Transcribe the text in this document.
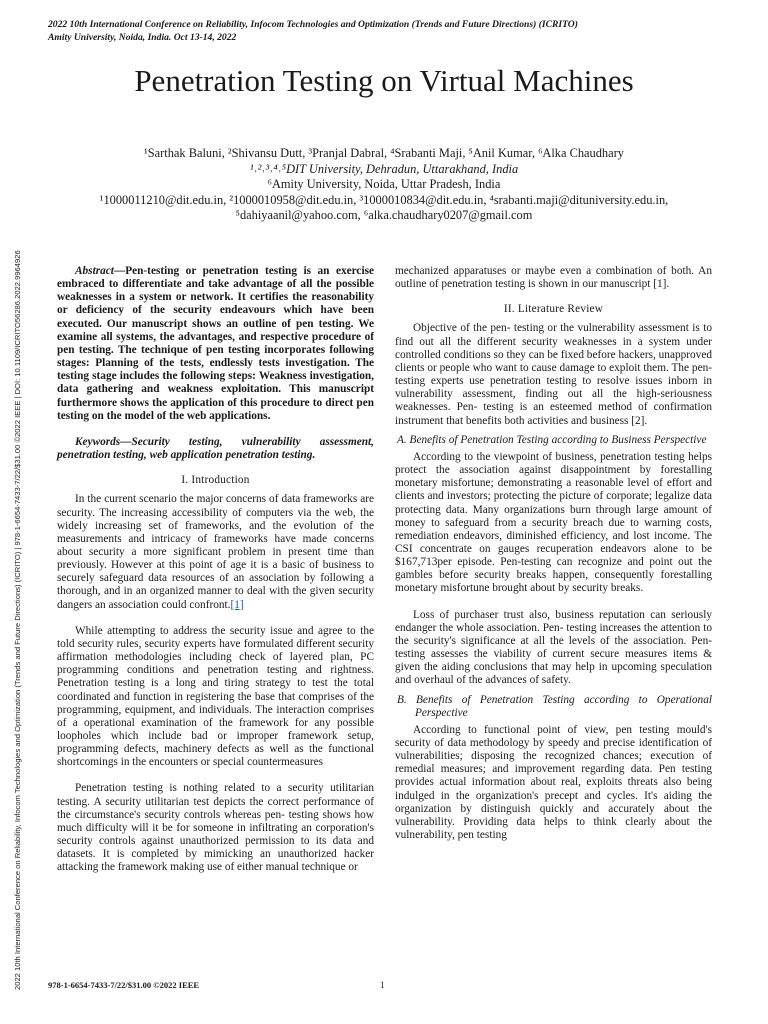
2022 10th International Conference on Reliability, Infocom Technologies and Optimization (Trends and Future Directions) (ICRITO)
Amity University, Noida, India. Oct 13-14, 2022
2022 10th International Conference on Reliability, Infocom Technologies and Optimization (Trends and Future Directions) (ICRITO) | 978-1-6654-7433-7/22/$31.00 ©2022 IEEE | DOI: 10.1109/ICRITO56286.2022.9964926
Penetration Testing on Virtual Machines
¹Sarthak Baluni, ²Shivansu Dutt, ³Pranjal Dabral, ⁴Srabanti Maji, ⁵Anil Kumar, ⁶Alka Chaudhary
¹˒²˒³˒⁴˒⁵DIT University, Dehradun, Uttarakhand, India
⁶Amity University, Noida, Uttar Pradesh, India
¹1000011210@dit.edu.in, ²1000010958@dit.edu.in, ³1000010834@dit.edu.in, ⁴srabanti.maji@dituniversity.edu.in,
⁵dahiyaanil@yahoo.com, ⁶alka.chaudhary0207@gmail.com

Abstract—Pen-testing or penetration testing is an exercise embraced to differentiate and take advantage of all the possible weaknesses in a system or network. It certifies the reasonability or deficiency of the security endeavours which have been executed. Our manuscript shows an outline of pen testing. We examine all systems, the advantages, and respective procedure of pen testing. The technique of pen testing incorporates following stages: Planning of the tests, endlessly tests investigation. The testing stage includes the following steps: Weakness investigation, data gathering and weakness exploitation. This manuscript furthermore shows the application of this procedure to direct pen testing on the model of the web applications.

Keywords—Security testing, vulnerability assessment, penetration testing, web application penetration testing.

I. Introduction

In the current scenario the major concerns of data frameworks are security. The increasing accessibility of computers via the web, the widely increasing set of frameworks, and the evolution of the measurements and intricacy of frameworks have made concerns about security a more significant problem in present time than previously. However at this point of age it is a basic of business to securely safeguard data resources of an association by following a thorough, and in an organized manner to deal with the given security dangers an association could confront.[1]

While attempting to address the security issue and agree to the told security rules, security experts have formulated different security affirmation methodologies including check of layered plan, PC programming conditions and penetration testing and rightness. Penetration testing is a long and tiring strategy to test the total coordinated and function in registering the base that comprises of the programming, equipment, and individuals. The interaction comprises of a operational examination of the framework for any possible loopholes which include bad or improper framework setup, programming defects, machinery defects as well as the functional shortcomings in the encounters or special countermeasures

Penetration testing is nothing related to a security utilitarian testing. A security utilitarian test depicts the correct performance of the circumstance's security controls whereas pen- testing shows how much difficulty will it be for someone in infiltrating an corporation's security controls against unauthorized permission to its data and datasets. It is completed by mimicking an unauthorized hacker attacking the framework making use of either manual technique or

mechanized apparatuses or maybe even a combination of both. An outline of penetration testing is shown in our manuscript [1].

II. Literature Review

Objective of the pen- testing or the vulnerability assessment is to find out all the different security weaknesses in a system under controlled conditions so they can be fixed before hackers, unapproved clients or people who want to cause damage to exploit them. The pen-testing experts use penetration testing to resolve issues inborn in vulnerability assessment, finding out all the high-seriousness weaknesses. Pen- testing is an esteemed method of confirmation instrument that benefits both activities and business [2].

A. Benefits of Penetration Testing according to Business Perspective

According to the viewpoint of business, penetration testing helps protect the association against disappointment by forestalling monetary misfortune; demonstrating a reasonable level of effort and clients and investors; protecting the picture of corporate; legalize data protecting data. Many organizations burn through large amount of money to safeguard from a security breach due to warning costs, remediation endeavors, diminished efficiency, and lost income. The CSI concentrate on gauges recuperation endeavors alone to be $167,713per episode. Pen-testing can recognize and point out the gambles before security breaks happen, consequently forestalling monetary misfortune brought about by security breaks.

Loss of purchaser trust also, business reputation can seriously endanger the whole association. Pen- testing increases the attention to the security's significance at all the levels of the association. Pen- testing assesses the viability of current secure measures items & given the aiding conclusions that may help in upcoming speculation and overhaul of the advances of safety.

B. Benefits of Penetration Testing according to Operational Perspective

According to functional point of view, pen testing mould's security of data methodology by speedy and precise identification of vulnerabilities; disposing the recognized chances; execution of remedial measures; and improvement regarding data. Pen testing provides actual information about real, exploits threats also being indulged in the organization's precept and cycles. It's aiding the organization by distinguish quickly and accurately about the vulnerability. Providing data helps to think clearly about the vulnerability, pen testing

978-1-6654-7433-7/22/$31.00 ©2022 IEEE	1
